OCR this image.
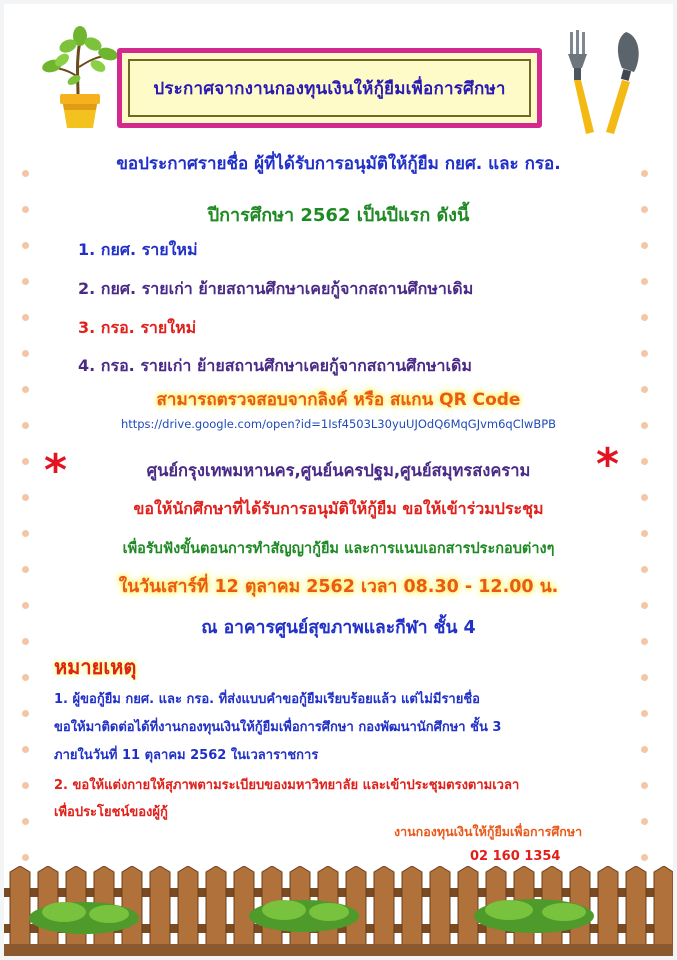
ประกาศจากงานกองทุนเงินให้กู้ยืมเพื่อการศึกษา
ขอประกาศรายชื่อ ผู้ที่ได้รับการอนุมัติให้กู้ยืม กยศ. และ กรอ.
ปีการศึกษา 2562 เป็นปีแรก ดังนี้
1. กยศ. รายใหม่
2. กยศ. รายเก่า ย้ายสถานศึกษาเคยกู้จากสถานศึกษาเดิม
3. กรอ. รายใหม่
4. กรอ. รายเก่า ย้ายสถานศึกษาเคยกู้จากสถานศึกษาเดิม
สามารถตรวจสอบจากลิงค์ หรือ สแกน QR Code
https://drive.google.com/open?id=1Isf4503L30yuUJOdQ6MqGJvm6qClwBPB
*	ศูนย์กรุงเทพมหานคร,ศูนย์นครปฐม,ศูนย์สมุทรสงคราม	*
ขอให้นักศึกษาที่ได้รับการอนุมัติให้กู้ยืม ขอให้เข้าร่วมประชุม
เพื่อรับฟังขั้นตอนการทำสัญญากู้ยืม และการแนบเอกสารประกอบต่างๆ
ในวันเสาร์ที่ 12 ตุลาคม 2562 เวลา 08.30 - 12.00 น.
ณ อาคารศูนย์สุขภาพและกีฬา ชั้น 4
หมายเหตุ
1. ผู้ขอกู้ยืม กยศ. และ กรอ. ที่ส่งแบบคำขอกู้ยืมเรียบร้อยแล้ว แต่ไม่มีรายชื่อ
ขอให้มาติดต่อได้ที่งานกองทุนเงินให้กู้ยืมเพื่อการศึกษา กองพัฒนานักศึกษา ชั้น 3
ภายในวันที่ 11 ตุลาคม 2562 ในเวลาราชการ
2. ขอให้แต่งกายให้สุภาพตามระเบียบของมหาวิทยาลัย และเข้าประชุมตรงตามเวลา
เพื่อประโยชน์ของผู้กู้
งานกองทุนเงินให้กู้ยืมเพื่อการศึกษา
02 160 1354
